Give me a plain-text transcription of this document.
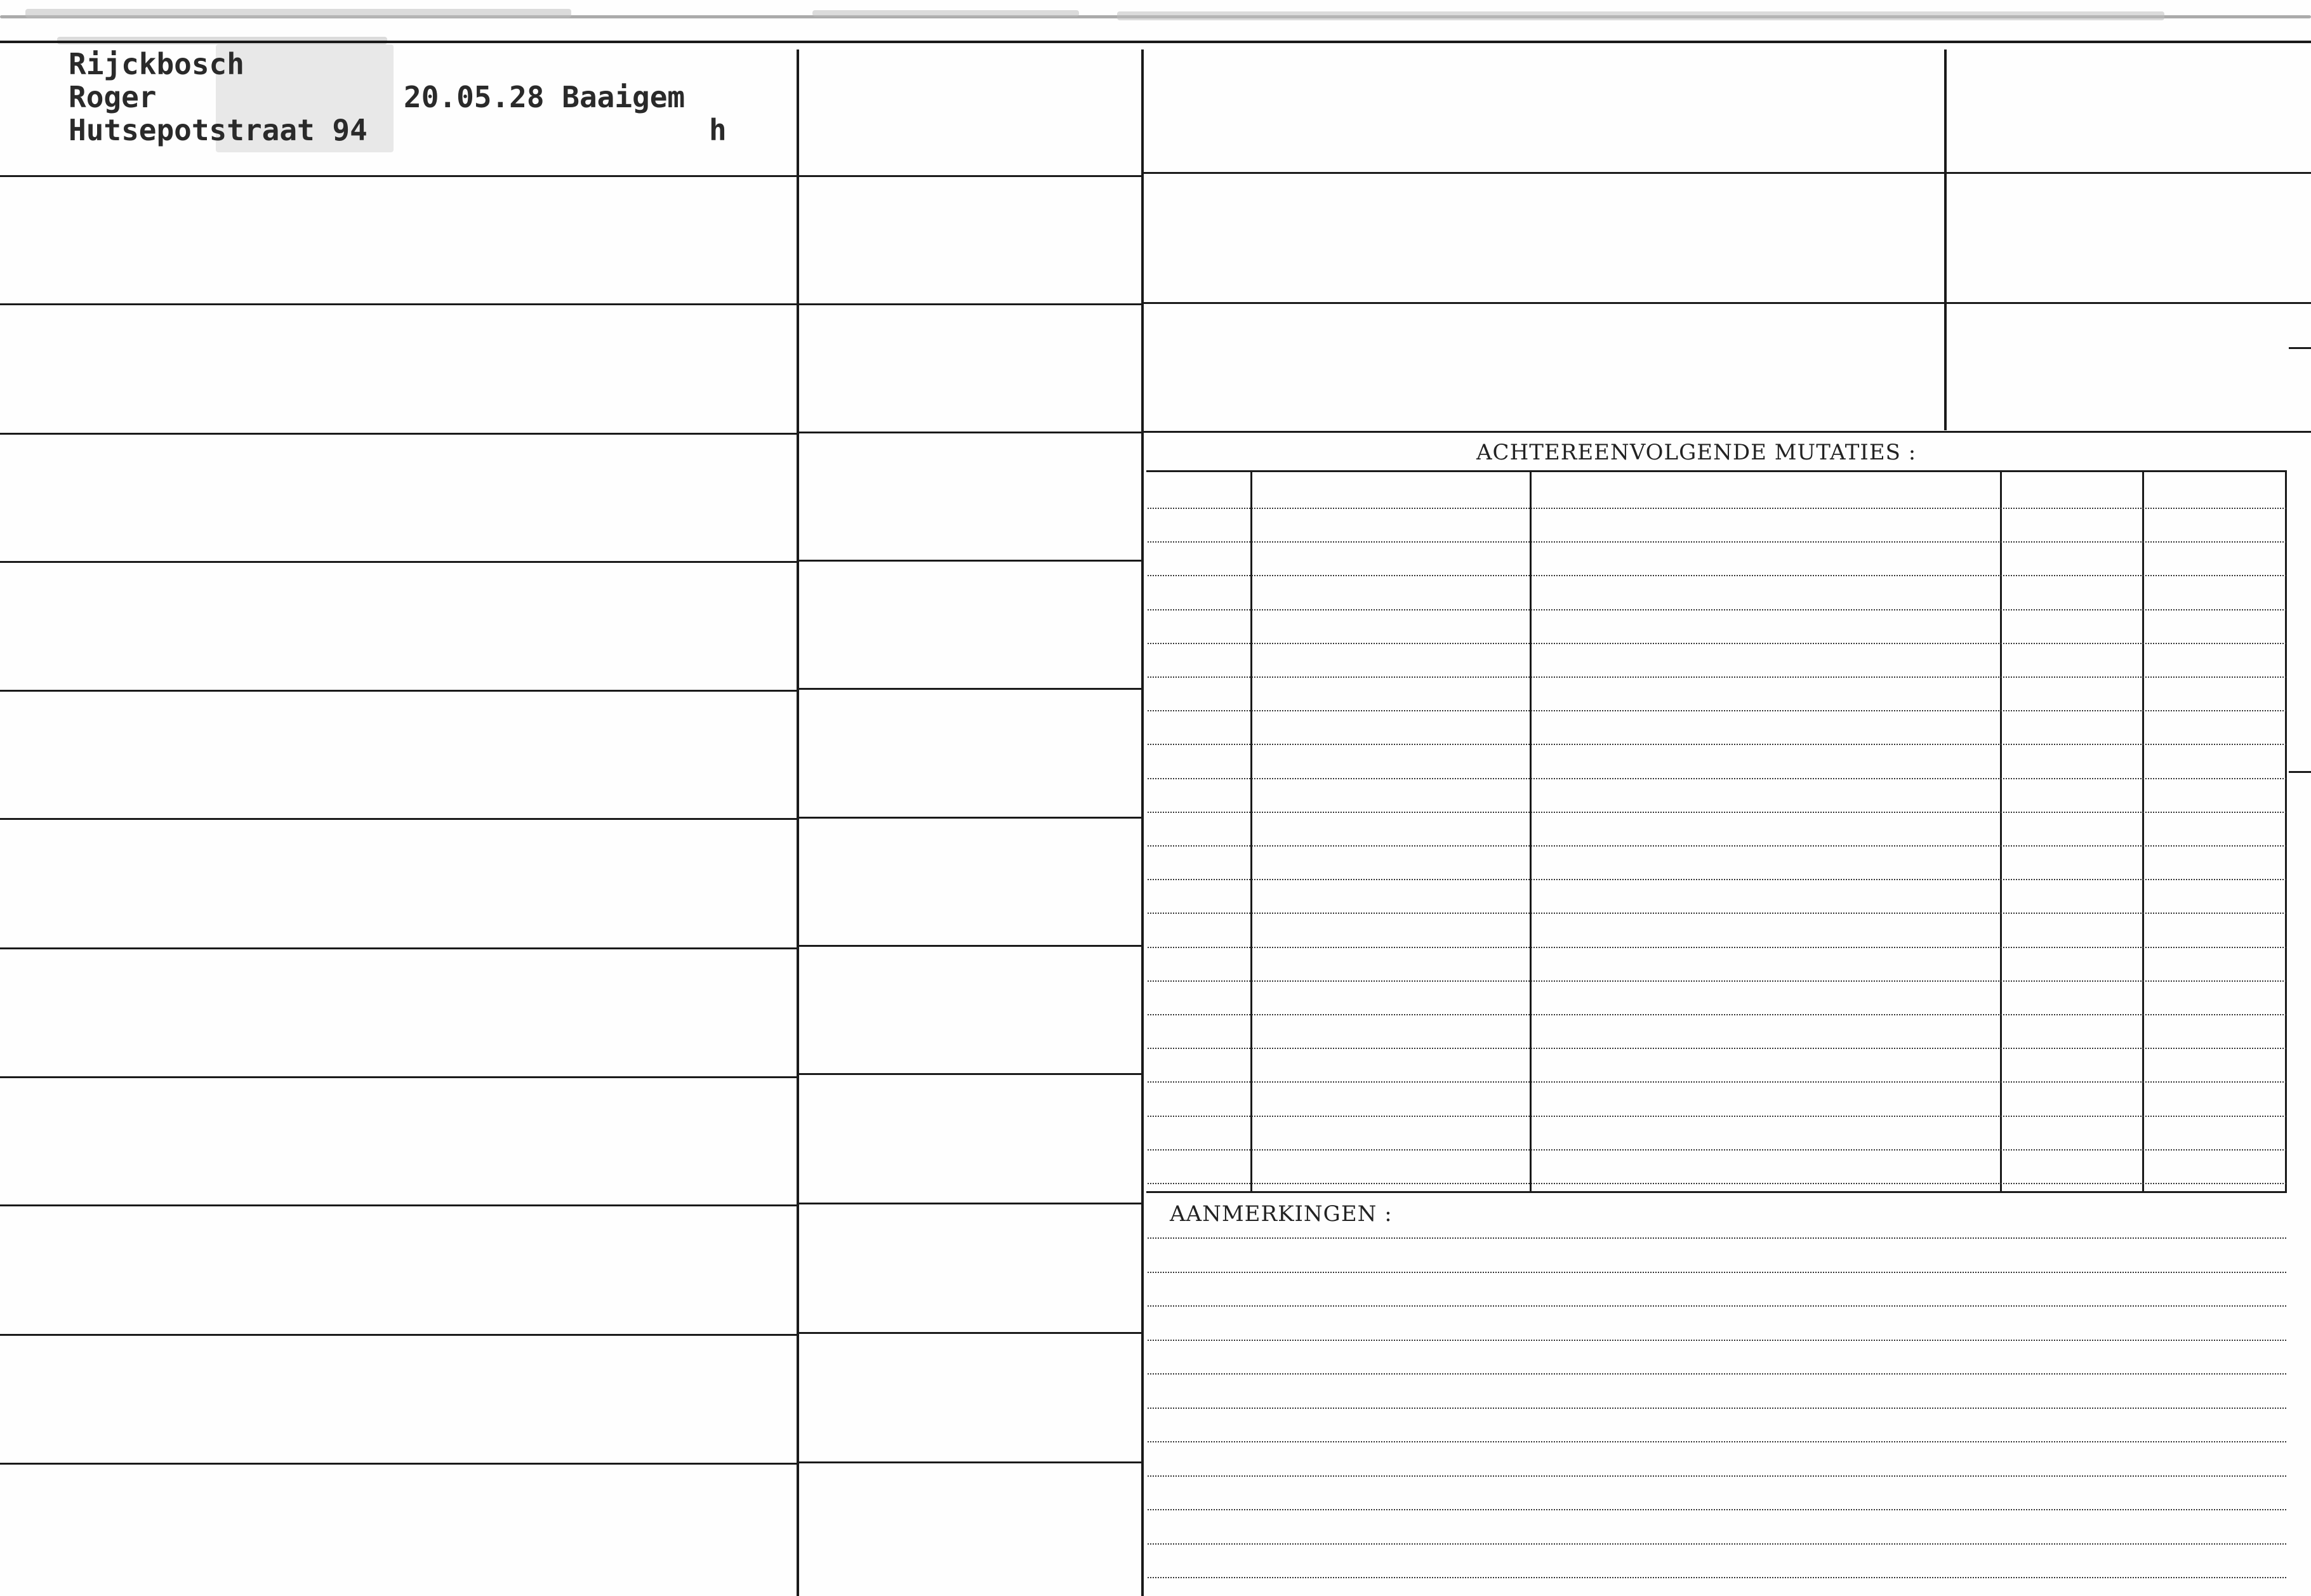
Rijckbosch
Roger	20.05.28 Baaigem
Hutsepotstraat 94	h
ACHTEREENVOLGENDE MUTATIES :
AANMERKINGEN :
